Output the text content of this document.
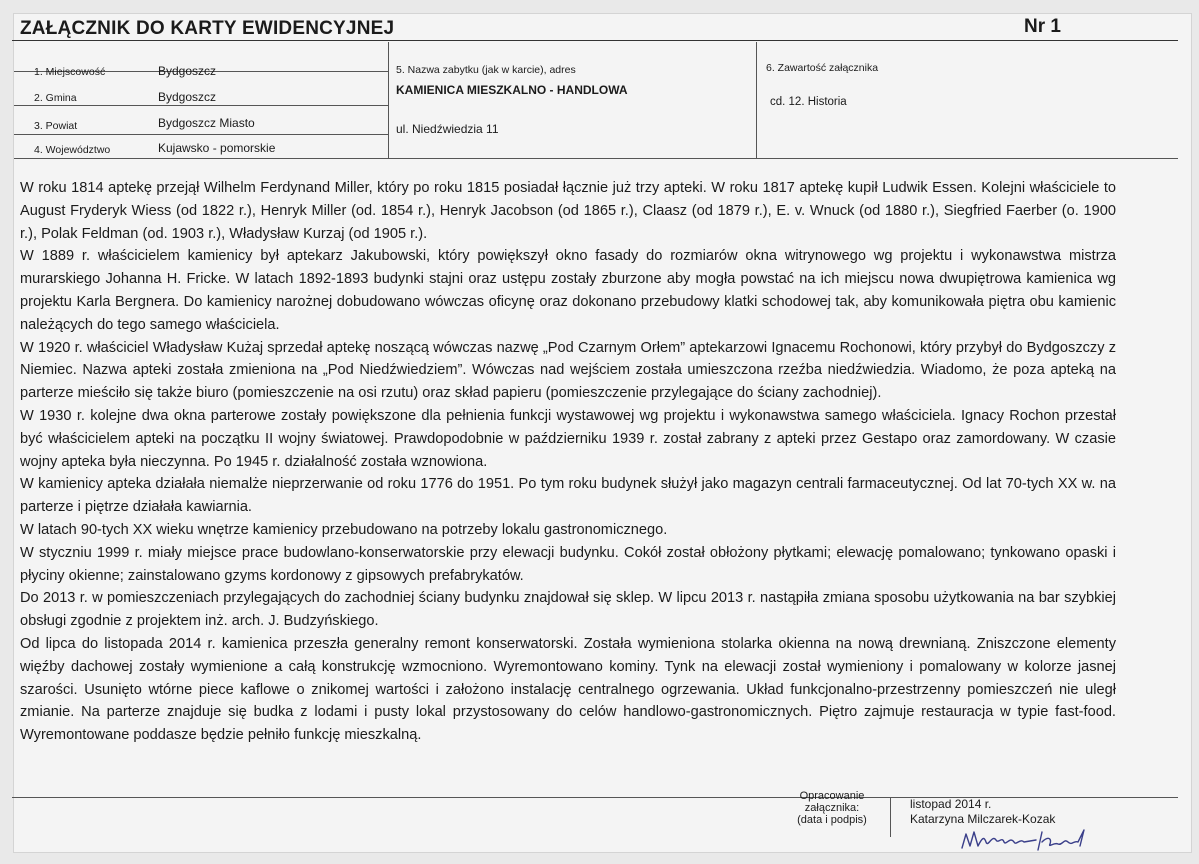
ZAŁĄCZNIK DO KARTY EWIDENCYJNEJ	Nr 1
1. Miejscowość	Bydgoszcz
2. Gmina	Bydgoszcz
3. Powiat	Bydgoszcz Miasto
4. Województwo	Kujawsko - pomorskie
5. Nazwa zabytku (jak w karcie), adres
KAMIENICA MIESZKALNO - HANDLOWA
ul. Niedźwiedzia 11
6. Zawartość załącznika
cd. 12. Historia

W roku 1814 aptekę przejął Wilhelm Ferdynand Miller, który po roku 1815 posiadał łącznie już trzy apteki. W roku 1817 aptekę kupił Ludwik Essen. Kolejni właściciele to August Fryderyk Wiess (od 1822 r.), Henryk Miller (od. 1854 r.), Henryk Jacobson (od 1865 r.), Claasz (od 1879 r.), E. v. Wnuck (od 1880 r.), Siegfried Faerber (o. 1900 r.), Polak Feldman (od. 1903 r.), Władysław Kurzaj (od 1905 r.).

W 1889 r. właścicielem kamienicy był aptekarz Jakubowski, który powiększył okno fasady do rozmiarów okna witrynowego wg projektu i wykonawstwa mistrza murarskiego Johanna H. Fricke. W latach 1892-1893 budynki stajni oraz ustępu zostały zburzone aby mogła powstać na ich miejscu nowa dwupiętrowa kamienica wg projektu Karla Bergnera. Do kamienicy narożnej dobudowano wówczas oficynę oraz dokonano przebudowy klatki schodowej tak, aby komunikowała piętra obu kamienic należących do tego samego właściciela.

W 1920 r. właściciel Władysław Kużaj sprzedał aptekę noszącą wówczas nazwę „Pod Czarnym Orłem” aptekarzowi Ignacemu Rochonowi, który przybył do Bydgoszczy z Niemiec. Nazwa apteki została zmieniona na „Pod Niedźwiedziem”. Wówczas nad wejściem została umieszczona rzeźba niedźwiedzia. Wiadomo, że poza apteką na parterze mieściło się także biuro (pomieszczenie na osi rzutu) oraz skład papieru (pomieszczenie przylegające do ściany zachodniej).

W 1930 r. kolejne dwa okna parterowe zostały powiększone dla pełnienia funkcji wystawowej wg projektu i wykonawstwa samego właściciela. Ignacy Rochon przestał być właścicielem apteki na początku II wojny światowej. Prawdopodobnie w październiku 1939 r. został zabrany z apteki przez Gestapo oraz zamordowany. W czasie wojny apteka była nieczynna. Po 1945 r. działalność została wznowiona.

W kamienicy apteka działała niemalże nieprzerwanie od roku 1776 do 1951. Po tym roku budynek służył jako magazyn centrali farmaceutycznej. Od lat 70-tych XX w. na parterze i piętrze działała kawiarnia.

W latach 90-tych XX wieku wnętrze kamienicy przebudowano na potrzeby lokalu gastronomicznego.

W styczniu 1999 r. miały miejsce prace budowlano-konserwatorskie przy elewacji budynku. Cokół został obłożony płytkami; elewację pomalowano; tynkowano opaski i płyciny okienne; zainstalowano gzyms kordonowy z gipsowych prefabrykatów.

Do 2013 r. w pomieszczeniach przylegających do zachodniej ściany budynku znajdował się sklep. W lipcu 2013 r. nastąpiła zmiana sposobu użytkowania na bar szybkiej obsługi zgodnie z projektem inż. arch. J. Budzyńskiego.

Od lipca do listopada 2014 r. kamienica przeszła generalny remont konserwatorski. Została wymieniona stolarka okienna na nową drewnianą. Zniszczone elementy więźby dachowej zostały wymienione a całą konstrukcję wzmocniono. Wyremontowano kominy. Tynk na elewacji został wymieniony i pomalowany w kolorze jasnej szarości. Usunięto wtórne piece kaflowe o znikomej wartości i założono instalację centralnego ogrzewania. Układ funkcjonalno-przestrzenny pomieszczeń nie uległ zmianie. Na parterze znajduje się budka z lodami i pusty lokal przystosowany do celów handlowo-gastronomicznych. Piętro zajmuje restauracja w typie fast-food. Wyremontowane poddasze będzie pełniło funkcję mieszkalną.

Opracowanie
załącznika:
(data i podpis)
listopad 2014 r.
Katarzyna Milczarek-Kozak
